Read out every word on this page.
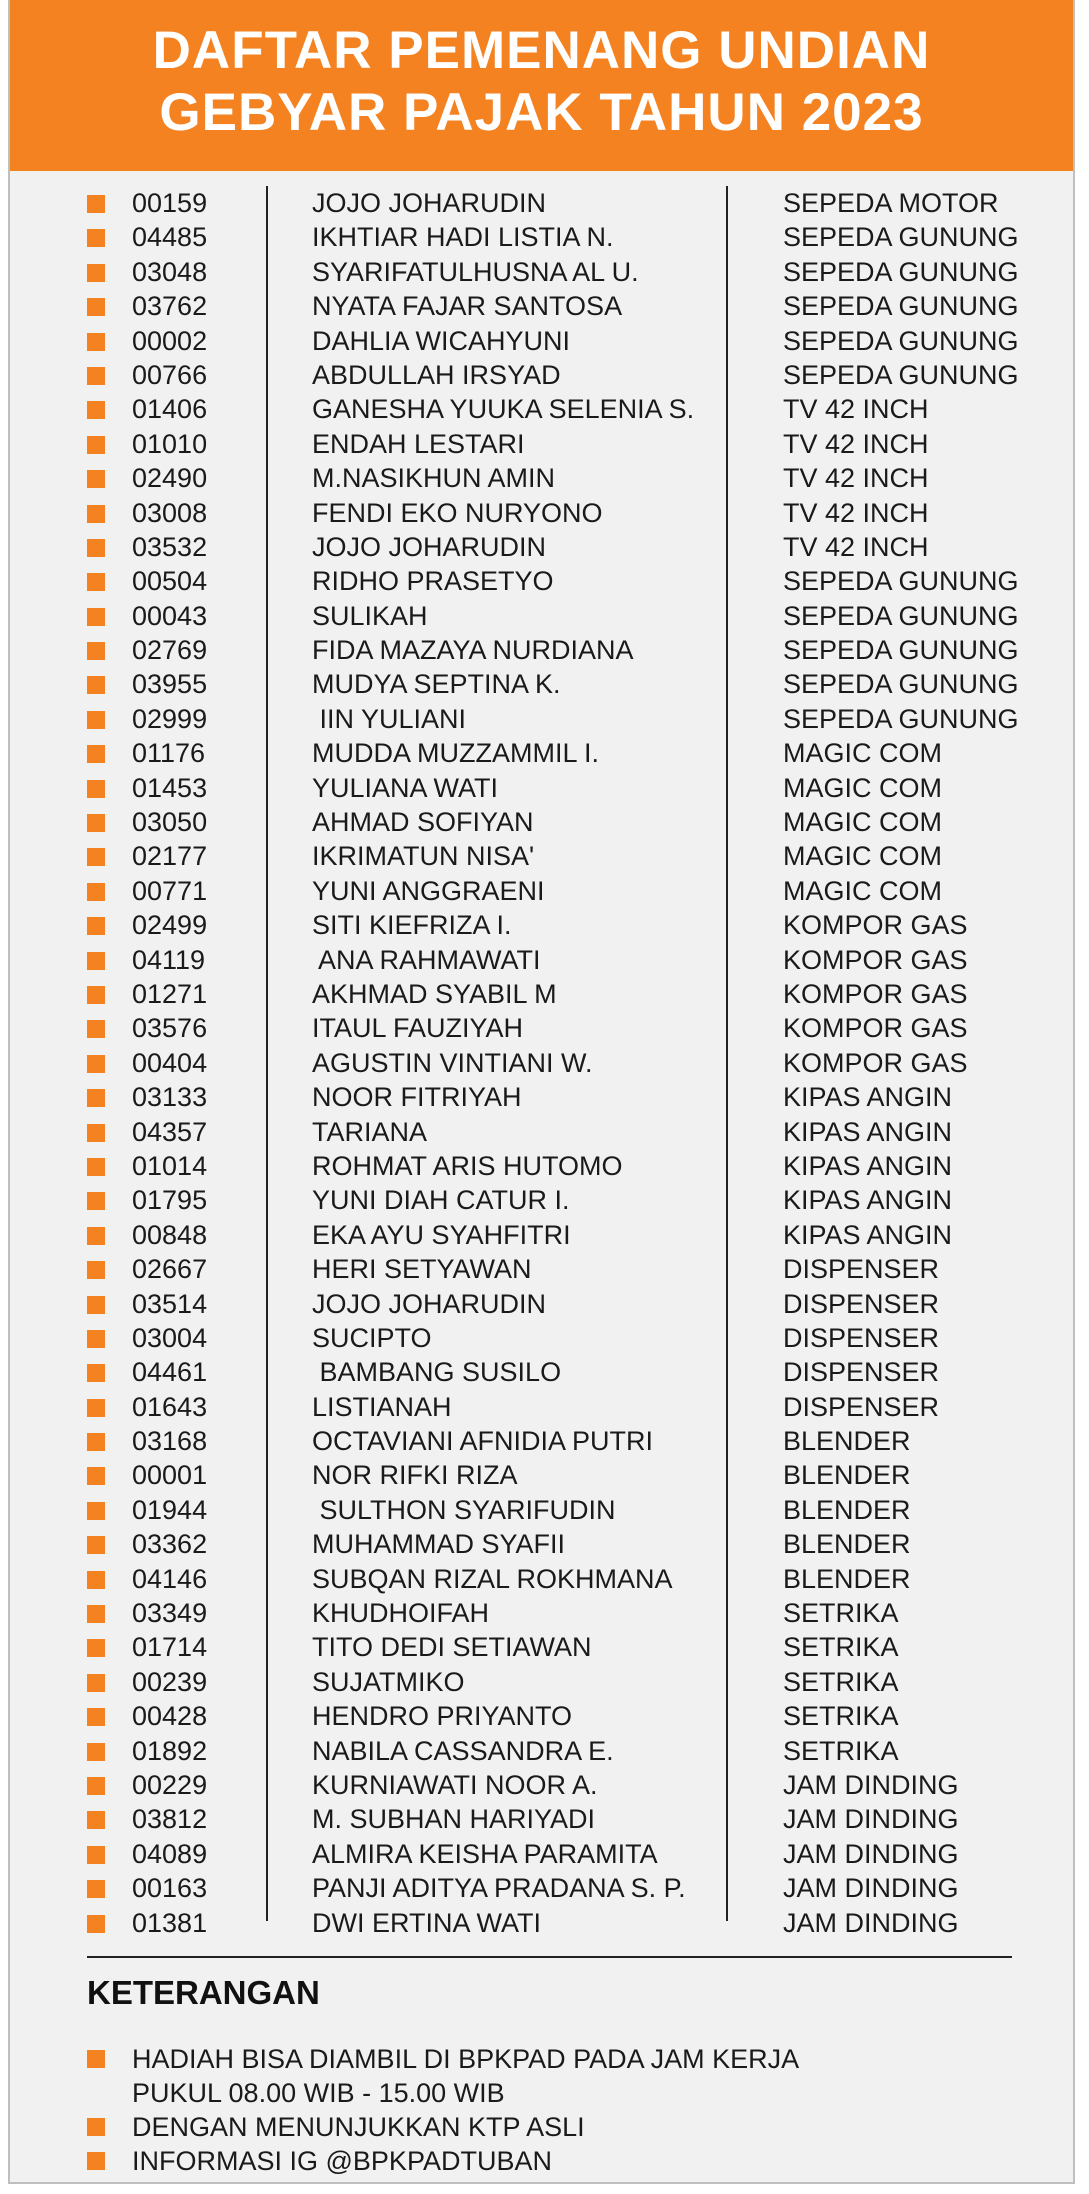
DAFTAR PEMENANG UNDIAN
GEBYAR PAJAK TAHUN 2023
00159	JOJO JOHARUDIN	SEPEDA MOTOR
04485	IKHTIAR HADI LISTIA N.	SEPEDA GUNUNG
03048	SYARIFATULHUSNA AL U.	SEPEDA GUNUNG
03762	NYATA FAJAR SANTOSA	SEPEDA GUNUNG
00002	DAHLIA WICAHYUNI	SEPEDA GUNUNG
00766	ABDULLAH IRSYAD	SEPEDA GUNUNG
01406	GANESHA YUUKA SELENIA S.	TV 42 INCH
01010	ENDAH LESTARI	TV 42 INCH
02490	M.NASIKHUN AMIN	TV 42 INCH
03008	FENDI EKO NURYONO	TV 42 INCH
03532	JOJO JOHARUDIN	TV 42 INCH
00504	RIDHO PRASETYO	SEPEDA GUNUNG
00043	SULIKAH	SEPEDA GUNUNG
02769	FIDA MAZAYA NURDIANA	SEPEDA GUNUNG
03955	MUDYA SEPTINA K.	SEPEDA GUNUNG
02999	IIN YULIANI	SEPEDA GUNUNG
01176	MUDDA MUZZAMMIL I.	MAGIC COM
01453	YULIANA WATI	MAGIC COM
03050	AHMAD SOFIYAN	MAGIC COM
02177	IKRIMATUN NISA'	MAGIC COM
00771	YUNI ANGGRAENI	MAGIC COM
02499	SITI KIEFRIZA I.	KOMPOR GAS
04119	ANA RAHMAWATI	KOMPOR GAS
01271	AKHMAD SYABIL M	KOMPOR GAS
03576	ITAUL FAUZIYAH	KOMPOR GAS
00404	AGUSTIN VINTIANI W.	KOMPOR GAS
03133	NOOR FITRIYAH	KIPAS ANGIN
04357	TARIANA	KIPAS ANGIN
01014	ROHMAT ARIS HUTOMO	KIPAS ANGIN
01795	YUNI DIAH CATUR I.	KIPAS ANGIN
00848	EKA AYU SYAHFITRI	KIPAS ANGIN
02667	HERI SETYAWAN	DISPENSER
03514	JOJO JOHARUDIN	DISPENSER
03004	SUCIPTO	DISPENSER
04461	BAMBANG SUSILO	DISPENSER
01643	LISTIANAH	DISPENSER
03168	OCTAVIANI AFNIDIA PUTRI	BLENDER
00001	NOR RIFKI RIZA	BLENDER
01944	SULTHON SYARIFUDIN	BLENDER
03362	MUHAMMAD SYAFII	BLENDER
04146	SUBQAN RIZAL ROKHMANA	BLENDER
03349	KHUDHOIFAH	SETRIKA
01714	TITO DEDI SETIAWAN	SETRIKA
00239	SUJATMIKO	SETRIKA
00428	HENDRO PRIYANTO	SETRIKA
01892	NABILA CASSANDRA E.	SETRIKA
00229	KURNIAWATI NOOR A.	JAM DINDING
03812	M. SUBHAN HARIYADI	JAM DINDING
04089	ALMIRA KEISHA PARAMITA	JAM DINDING
00163	PANJI ADITYA PRADANA S. P.	JAM DINDING
01381	DWI ERTINA WATI	JAM DINDING
KETERANGAN
HADIAH BISA DIAMBIL DI BPKPAD PADA JAM KERJA
PUKUL 08.00 WIB - 15.00 WIB
DENGAN MENUNJUKKAN KTP ASLI
INFORMASI IG @BPKPADTUBAN
